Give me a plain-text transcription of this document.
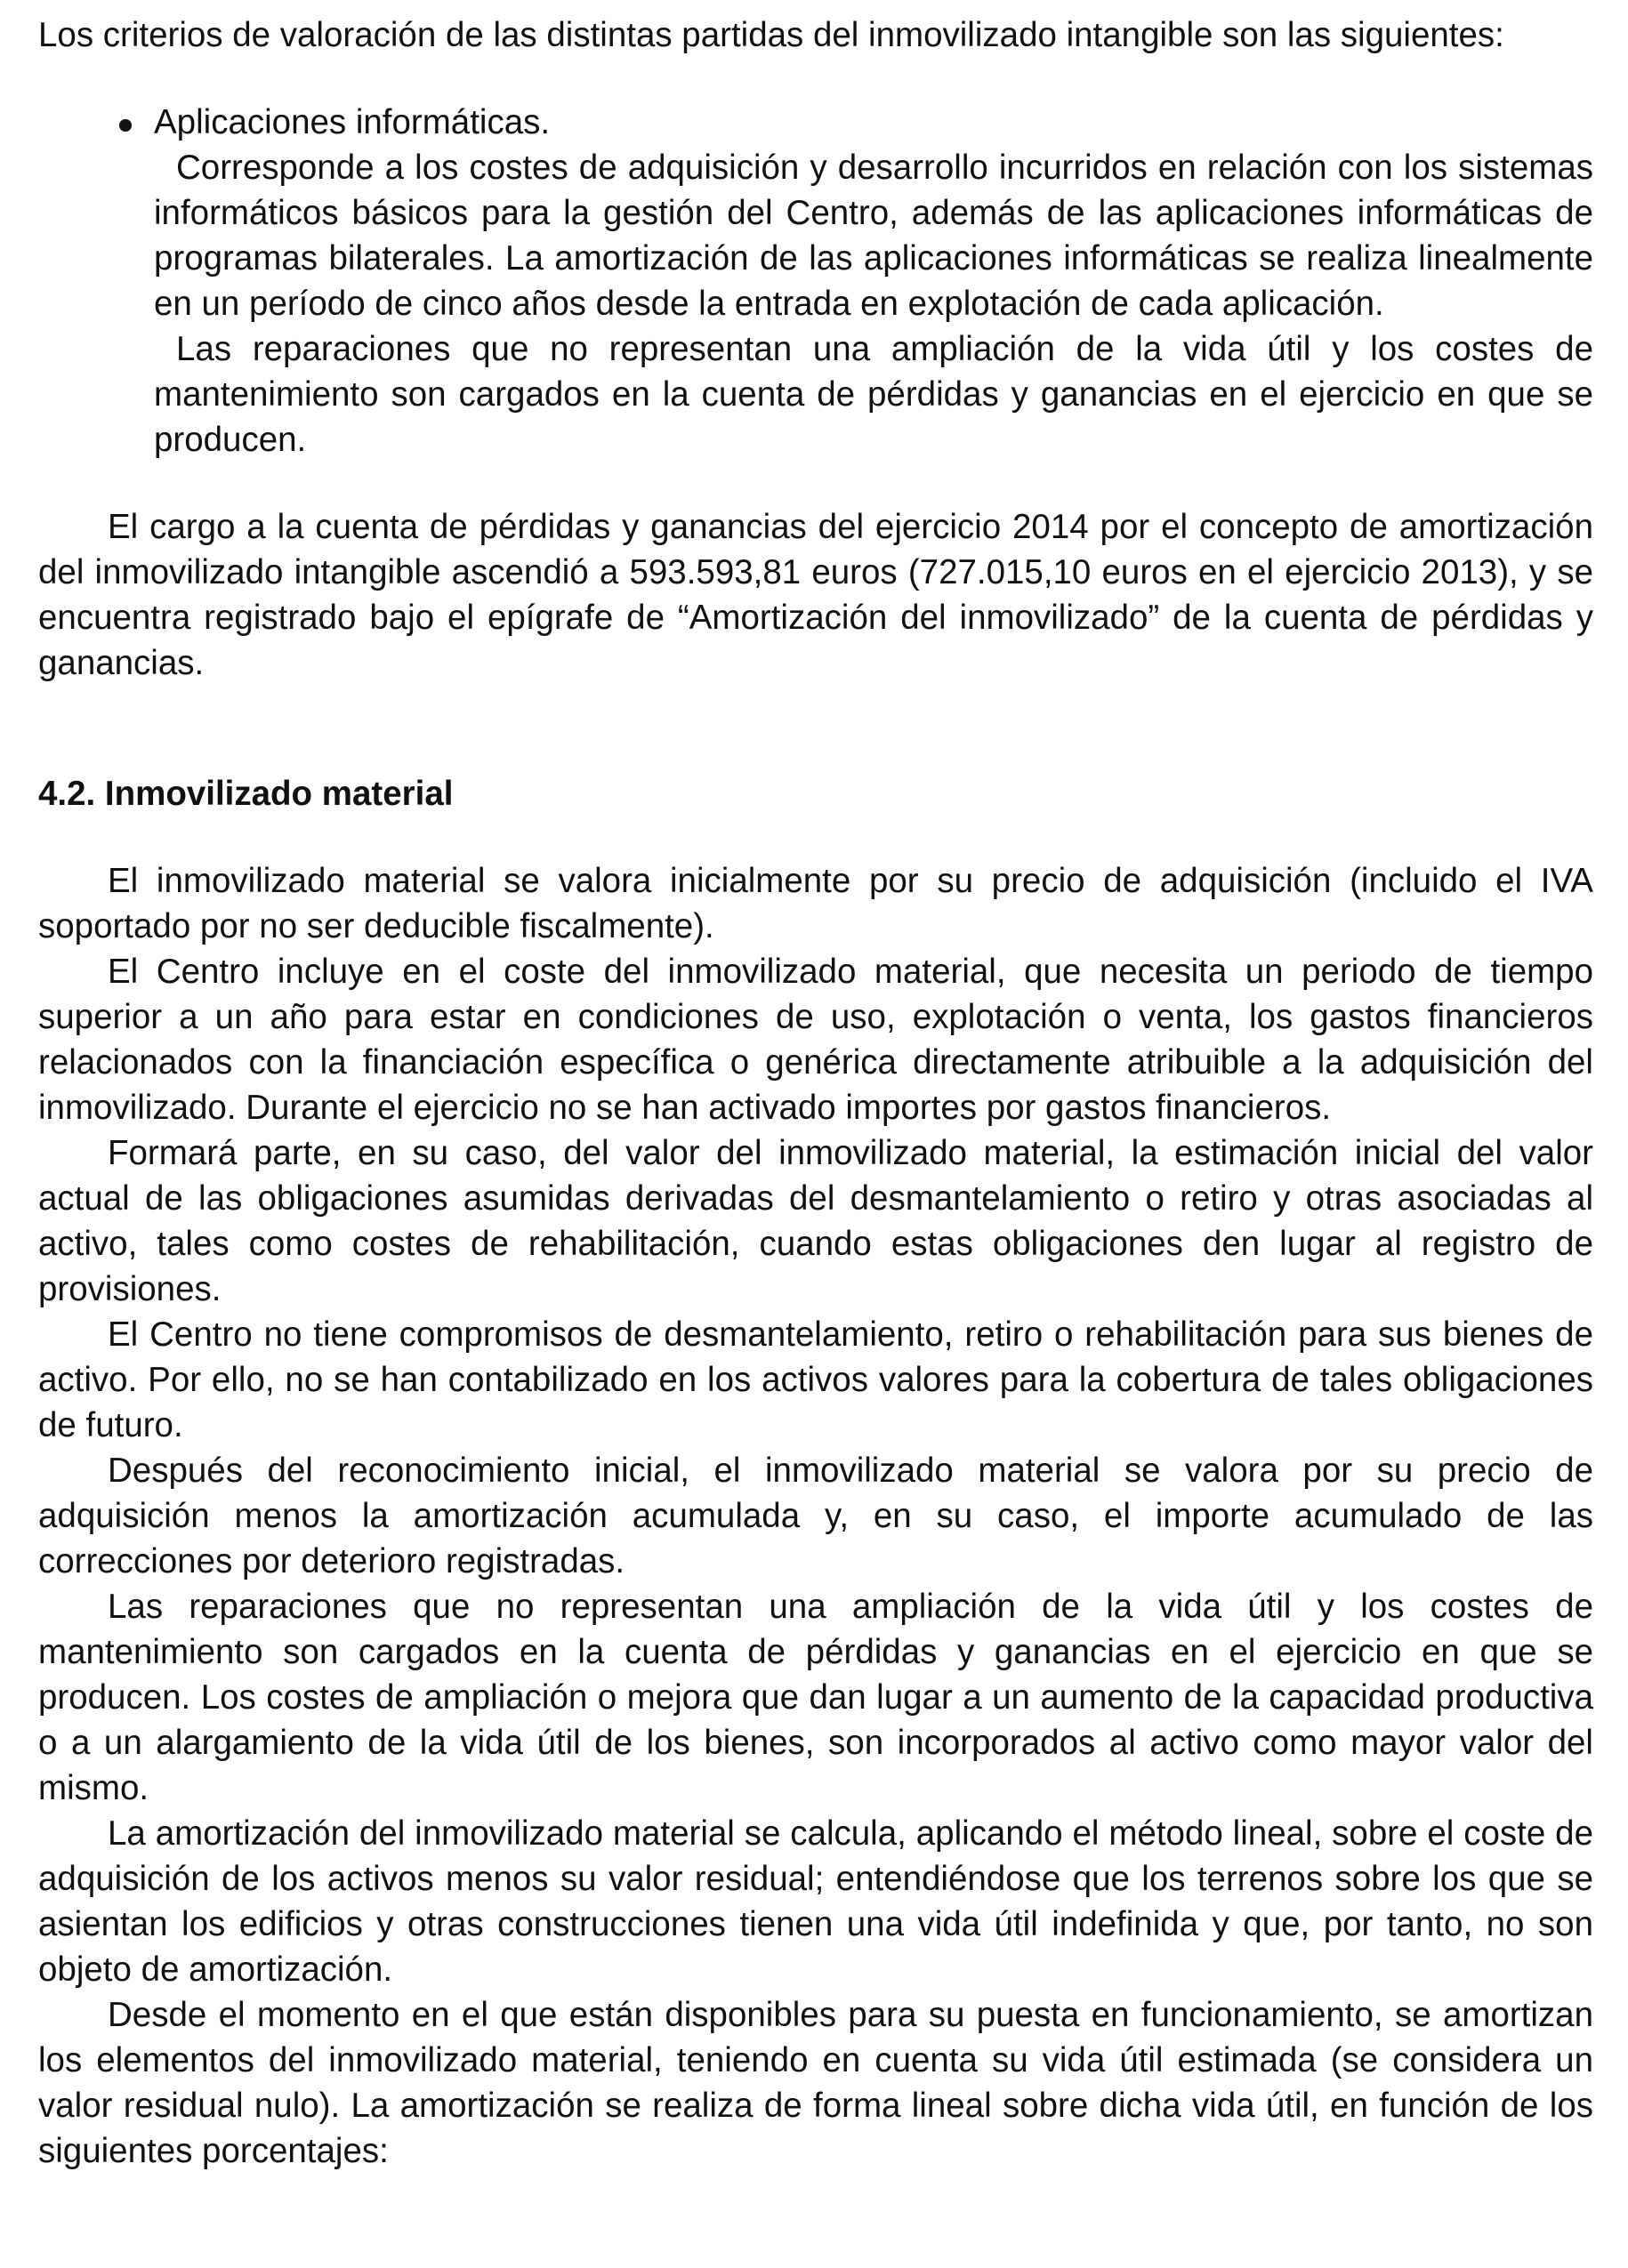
Los criterios de valoración de las distintas partidas del inmovilizado intangible son las siguientes:

Aplicaciones informáticas.

Corresponde a los costes de adquisición y desarrollo incurridos en relación con los sistemas informáticos básicos para la gestión del Centro, además de las aplicaciones informáticas de programas bilaterales. La amortización de las aplicaciones informáticas se realiza linealmente en un período de cinco años desde la entrada en explotación de cada aplicación.

Las reparaciones que no representan una ampliación de la vida útil y los costes de mantenimiento son cargados en la cuenta de pérdidas y ganancias en el ejercicio en que se producen.

El cargo a la cuenta de pérdidas y ganancias del ejercicio 2014 por el concepto de amortización del inmovilizado intangible ascendió a 593.593,81 euros (727.015,10 euros en el ejercicio 2013), y se encuentra registrado bajo el epígrafe de “Amortización del inmovilizado” de la cuenta de pérdidas y ganancias.

4.2. Inmovilizado material

El inmovilizado material se valora inicialmente por su precio de adquisición (incluido el IVA soportado por no ser deducible fiscalmente).

El Centro incluye en el coste del inmovilizado material, que necesita un periodo de tiempo superior a un año para estar en condiciones de uso, explotación o venta, los gastos financieros relacionados con la financiación específica o genérica directamente atribuible a la adquisición del inmovilizado. Durante el ejercicio no se han activado importes por gastos financieros.

Formará parte, en su caso, del valor del inmovilizado material, la estimación inicial del valor actual de las obligaciones asumidas derivadas del desmantelamiento o retiro y otras asociadas al activo, tales como costes de rehabilitación, cuando estas obligaciones den lugar al registro de provisiones.

El Centro no tiene compromisos de desmantelamiento, retiro o rehabilitación para sus bienes de activo. Por ello, no se han contabilizado en los activos valores para la cobertura de tales obligaciones de futuro.

Después del reconocimiento inicial, el inmovilizado material se valora por su precio de adquisición menos la amortización acumulada y, en su caso, el importe acumulado de las correcciones por deterioro registradas.

Las reparaciones que no representan una ampliación de la vida útil y los costes de mantenimiento son cargados en la cuenta de pérdidas y ganancias en el ejercicio en que se producen. Los costes de ampliación o mejora que dan lugar a un aumento de la capacidad productiva o a un alargamiento de la vida útil de los bienes, son incorporados al activo como mayor valor del mismo.

La amortización del inmovilizado material se calcula, aplicando el método lineal, sobre el coste de adquisición de los activos menos su valor residual; entendiéndose que los terrenos sobre los que se asientan los edificios y otras construcciones tienen una vida útil indefinida y que, por tanto, no son objeto de amortización.

Desde el momento en el que están disponibles para su puesta en funcionamiento, se amortizan los elementos del inmovilizado material, teniendo en cuenta su vida útil estimada (se considera un valor residual nulo). La amortización se realiza de forma lineal sobre dicha vida útil, en función de los siguientes porcentajes:
